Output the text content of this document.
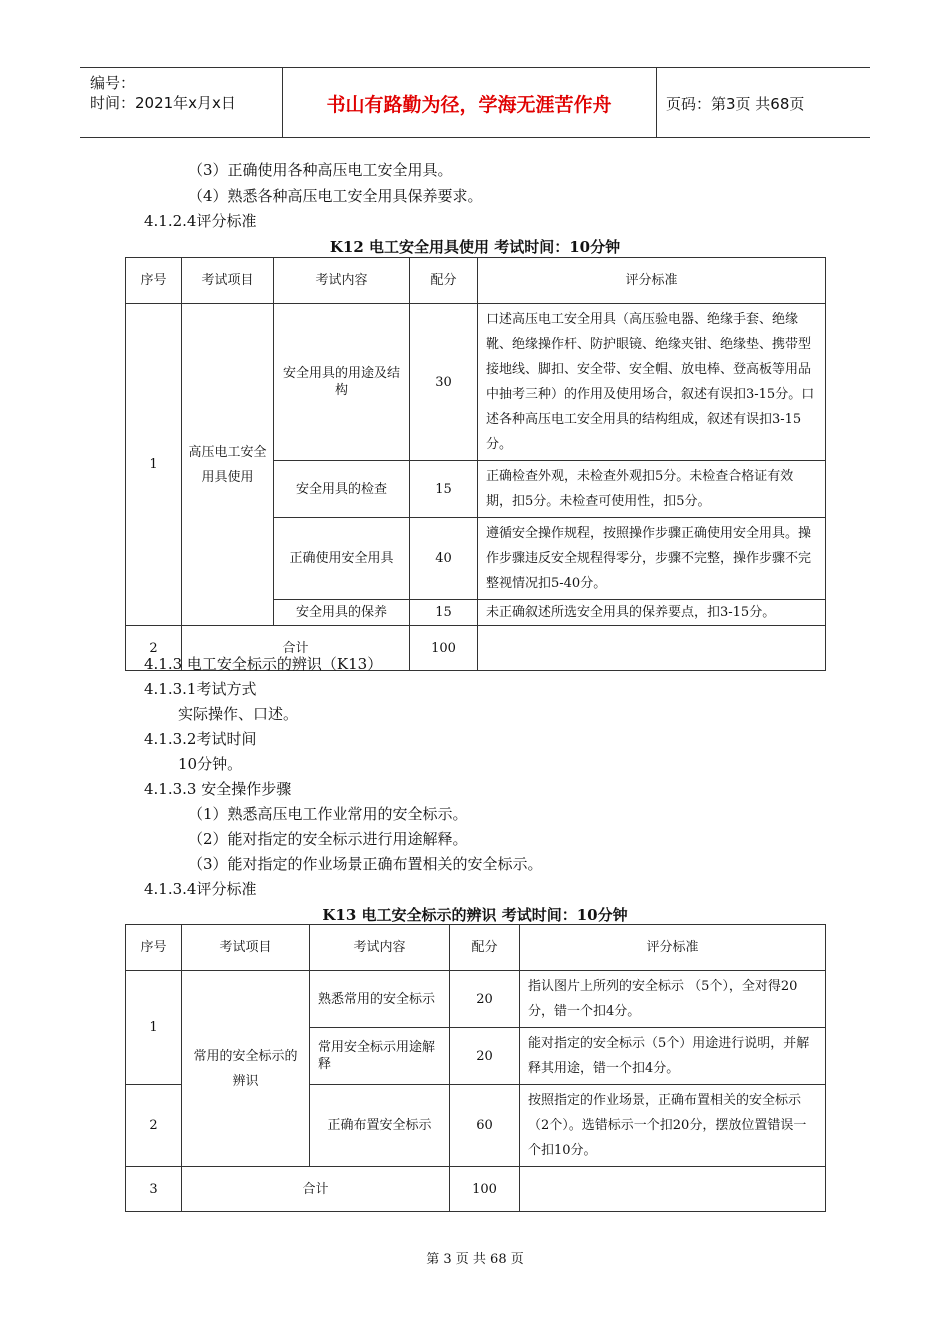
编号：
时间：2021年x月x日	书山有路勤为径，学海无涯苦作舟	页码：第3页 共68页
（3）正确使用各种高压电工安全用具。
（4）熟悉各种高压电工安全用具保养要求。
4.1.2.4评分标准
K12 电工安全用具使用 考试时间：10分钟
序号	考试项目	考试内容	配分	评分标准
1	高压电工安全用具使用	安全用具的用途及结构	30	口述高压电工安全用具（高压验电器、绝缘手套、绝缘靴、绝缘操作杆、防护眼镜、绝缘夹钳、绝缘垫、携带型接地线、脚扣、安全带、安全帽、放电棒、登高板等用品中抽考三种）的作用及使用场合，叙述有误扣3-15分。口述各种高压电工安全用具的结构组成，叙述有误扣3-15分。
		安全用具的检查	15	正确检查外观，未检查外观扣5分。未检查合格证有效期，扣5分。未检查可使用性，扣5分。
		正确使用安全用具	40	遵循安全操作规程，按照操作步骤正确使用安全用具。操作步骤违反安全规程得零分，步骤不完整，操作步骤不完整视情况扣5-40分。
		安全用具的保养	15	未正确叙述所选安全用具的保养要点，扣3-15分。
2	合计		100	
4.1.3 电工安全标示的辨识（K13）
4.1.3.1考试方式
实际操作、口述。
4.1.3.2考试时间
10分钟。
4.1.3.3 安全操作步骤
（1）熟悉高压电工作业常用的安全标示。
（2）能对指定的安全标示进行用途解释。
（3）能对指定的作业场景正确布置相关的安全标示。
4.1.3.4评分标准
K13 电工安全标示的辨识 考试时间：10分钟
序号	考试项目	考试内容	配分	评分标准
1	常用的安全标示的辨识	熟悉常用的安全标示	20	指认图片上所列的安全标示 （5个），全对得20分，错一个扣4分。
		常用安全标示用途解释	20	能对指定的安全标示（5个）用途进行说明，并解释其用途，错一个扣4分。
2		正确布置安全标示	60	按照指定的作业场景，正确布置相关的安全标示（2个）。选错标示一个扣20分，摆放位置错误一个扣10分。
3	合计		100	
第 3 页 共 68 页
